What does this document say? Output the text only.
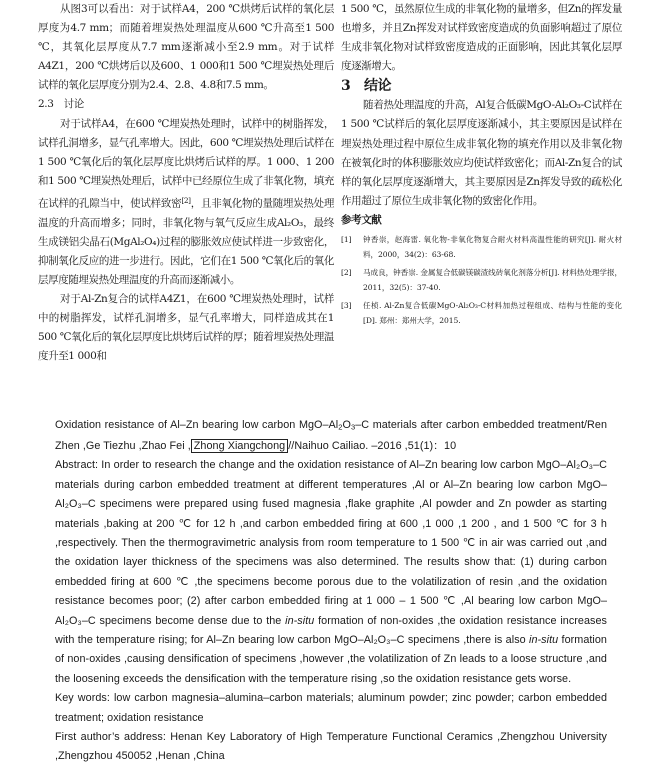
从图3可以看出：对于试样A4，200 ℃烘烤后试样的氧化层厚度为4.7 mm；而随着埋炭热处理温度从600 ℃升高至1 500 ℃，其氧化层厚度从7.7 mm逐渐减小至2.9 mm。对于试样A4Z1，200 ℃烘烤后以及600、1 000和1 500 ℃埋炭热处理后试样的氧化层厚度分别为2.4、2.8、4.8和7.5 mm。

2.3　讨论

对于试样A4，在600 ℃埋炭热处理时，试样中的树脂挥发，试样孔洞增多，显气孔率增大。因此，600 ℃埋炭热处理后试样在1 500 ℃氧化后的氧化层厚度比烘烤后试样的厚。1 000、1 200和1 500 ℃埋炭热处理后，试样中已经原位生成了非氧化物，填充在试样的孔隙当中，使试样致密[2]，且非氧化物的量随埋炭热处理温度的升高而增多；同时，非氧化物与氧气反应生成Al₂O₃，最终生成镁铝尖晶石(MgAl₂O₄)过程的膨胀效应使试样进一步致密化，抑制氧化反应的进一步进行。因此，它们在1 500 ℃氧化后的氧化层厚度随埋炭热处理温度的升高而逐渐减小。

对于Al-Zn复合的试样A4Z1，在600 ℃埋炭热处理时，试样中的树脂挥发，试样孔洞增多，显气孔率增大，同样造成其在1 500 ℃氧化后的氧化层厚度比烘烤后试样的厚；随着埋炭热处理温度升至1 000和

1 500 ℃，虽然原位生成的非氧化物的量增多，但Zn的挥发量也增多，并且Zn挥发对试样致密度造成的负面影响超过了原位生成非氧化物对试样致密度造成的正面影响，因此其氧化层厚度逐渐增大。

3　结论

随着热处理温度的升高，Al复合低碳MgO-Al₂O₃-C试样在1 500 ℃试样后的氧化层厚度逐渐减小，其主要原因是试样在埋炭热处理过程中原位生成非氧化物的填充作用以及非氧化物在被氧化时的体积膨胀效应均使试样致密化；而Al-Zn复合的试样的氧化层厚度逐渐增大，其主要原因是Zn挥发导致的疏松化作用超过了原位生成非氧化物的致密化作用。

参考文献

[1]	钟香崇，赵海雷. 氧化物-非氧化物复合耐火材料高温性能的研究[J]. 耐火材料，2000，34(2)：63-68.
[2]	马成良，钟香崇. 金属复合低碳镁碳渣线砖氧化剂落分析[J]. 材料热处理学报，2011，32(5)：37-40.
[3]	任桢. Al-Zn复合低碳MgO-Al₂O₃-C材料加热过程组成、结构与性能的变化[D]. 郑州：郑州大学，2015.

Oxidation resistance of Al–Zn bearing low carbon MgO–$Al_2O_3-C$ materials after carbon embedded treatment/Ren Zhen ,Ge Tiezhu ,Zhao Fei , Zhong Xiangchong //Naihuo Cailiao. –2016 ,51(1)：10

Abstract: In order to research the change and the oxidation resistance of Al–Zn bearing low carbon MgO–Al₂O₃–C materials during carbon embedded treatment at different temperatures ,Al or Al–Zn bearing low carbon MgO–Al₂O₃–C specimens were prepared using fused magnesia ,flake graphite ,Al powder and Zn powder as starting materials ,baking at 200 ℃ for 12 h ,and carbon embedded firing at 600 ,1 000 ,1 200 , and 1 500 ℃ for 3 h ,respectively. Then the thermogravimetric analysis from room temperature to 1 500 ℃ in air was carried out ,and the oxidation layer thickness of the specimens was also determined. The results show that: (1) during carbon embedded firing at 600 ℃ ,the specimens become porous due to the volatilization of resin ,and the oxidation resistance becomes poor; (2) after carbon embedded firing at 1 000 – 1 500 ℃ ,Al bearing low carbon MgO–Al₂O₃–C specimens become dense due to the in-situ formation of non-oxides ,the oxidation resistance increases with the temperature rising; for Al–Zn bearing low carbon MgO–Al₂O₃–C specimens ,there is also in-situ formation of non-oxides ,causing densification of specimens ,however ,the volatilization of Zn leads to a loose structure ,and the loosening exceeds the densification with the temperature rising ,so the oxidation resistance gets worse.

Key words: low carbon magnesia–alumina–carbon materials; aluminum powder; zinc powder; carbon embedded treatment; oxidation resistance

First author’s address: Henan Key Laboratory of High Temperature Functional Ceramics ,Zhengzhou University ,Zhengzhou 450052 ,Henan ,China
